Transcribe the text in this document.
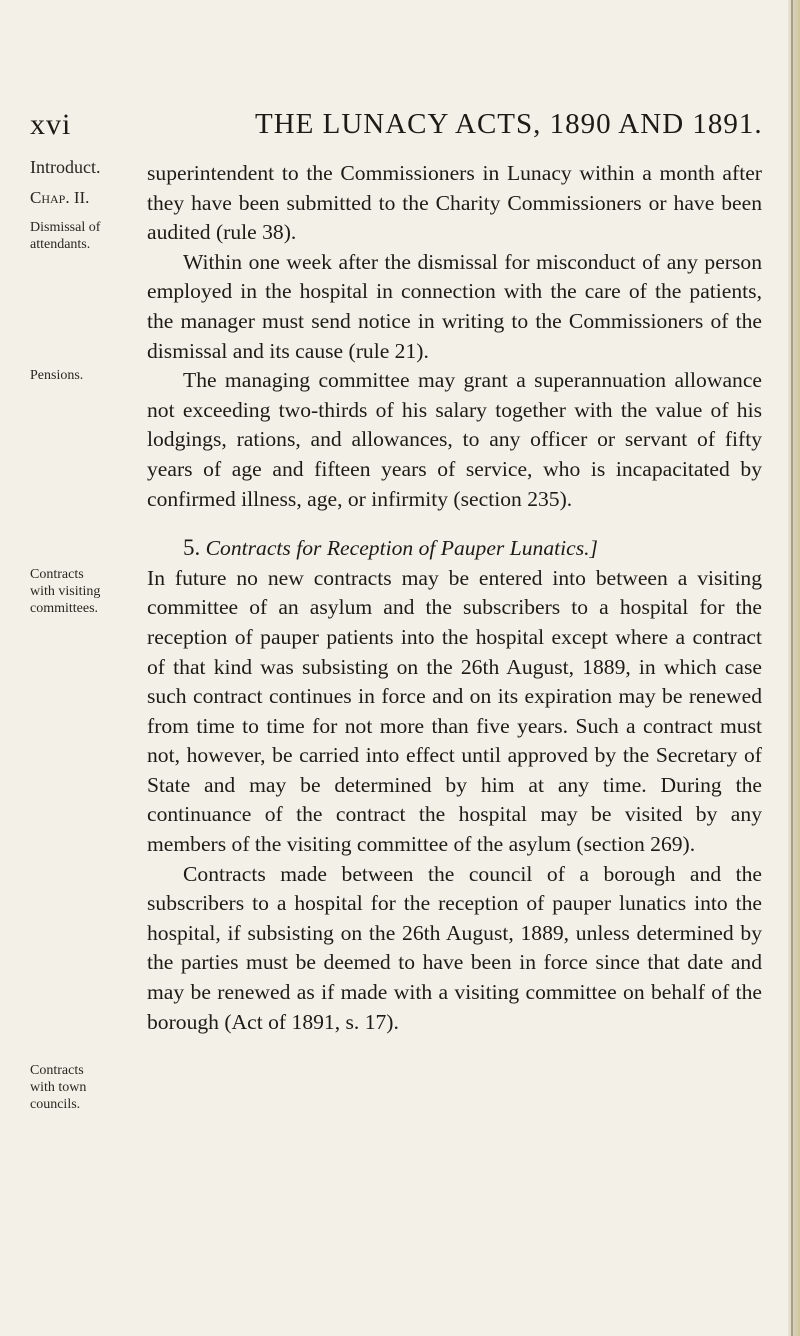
xvi	THE LUNACY ACTS, 1890 AND 1891.
Introduct.
Chap. II.
Dismissal of attendants.
Pensions.
Contracts with visiting committees.
Contracts with town councils.

superintendent to the Commissioners in Lunacy within a month after they have been submitted to the Charity Commissioners or have been audited (rule 38).

Within one week after the dismissal for misconduct of any person employed in the hospital in connection with the care of the patients, the manager must send notice in writing to the Commissioners of the dismissal and its cause (rule 21).

The managing committee may grant a superannuation allowance not exceeding two-thirds of his salary together with the value of his lodgings, rations, and allowances, to any officer or servant of fifty years of age and fifteen years of service, who is incapacitated by confirmed illness, age, or infirmity (section 235).

5. Contracts for Reception of Pauper Lunatics.]

In future no new contracts may be entered into between a visiting committee of an asylum and the subscribers to a hospital for the reception of pauper patients into the hospital except where a contract of that kind was subsisting on the 26th August, 1889, in which case such contract continues in force and on its expiration may be renewed from time to time for not more than five years. Such a contract must not, however, be carried into effect until approved by the Secretary of State and may be determined by him at any time. During the continuance of the contract the hospital may be visited by any members of the visiting committee of the asylum (section 269).

Contracts made between the council of a borough and the subscribers to a hospital for the reception of pauper lunatics into the hospital, if subsisting on the 26th August, 1889, unless determined by the parties must be deemed to have been in force since that date and may be renewed as if made with a visiting committee on behalf of the borough (Act of 1891, s. 17).
